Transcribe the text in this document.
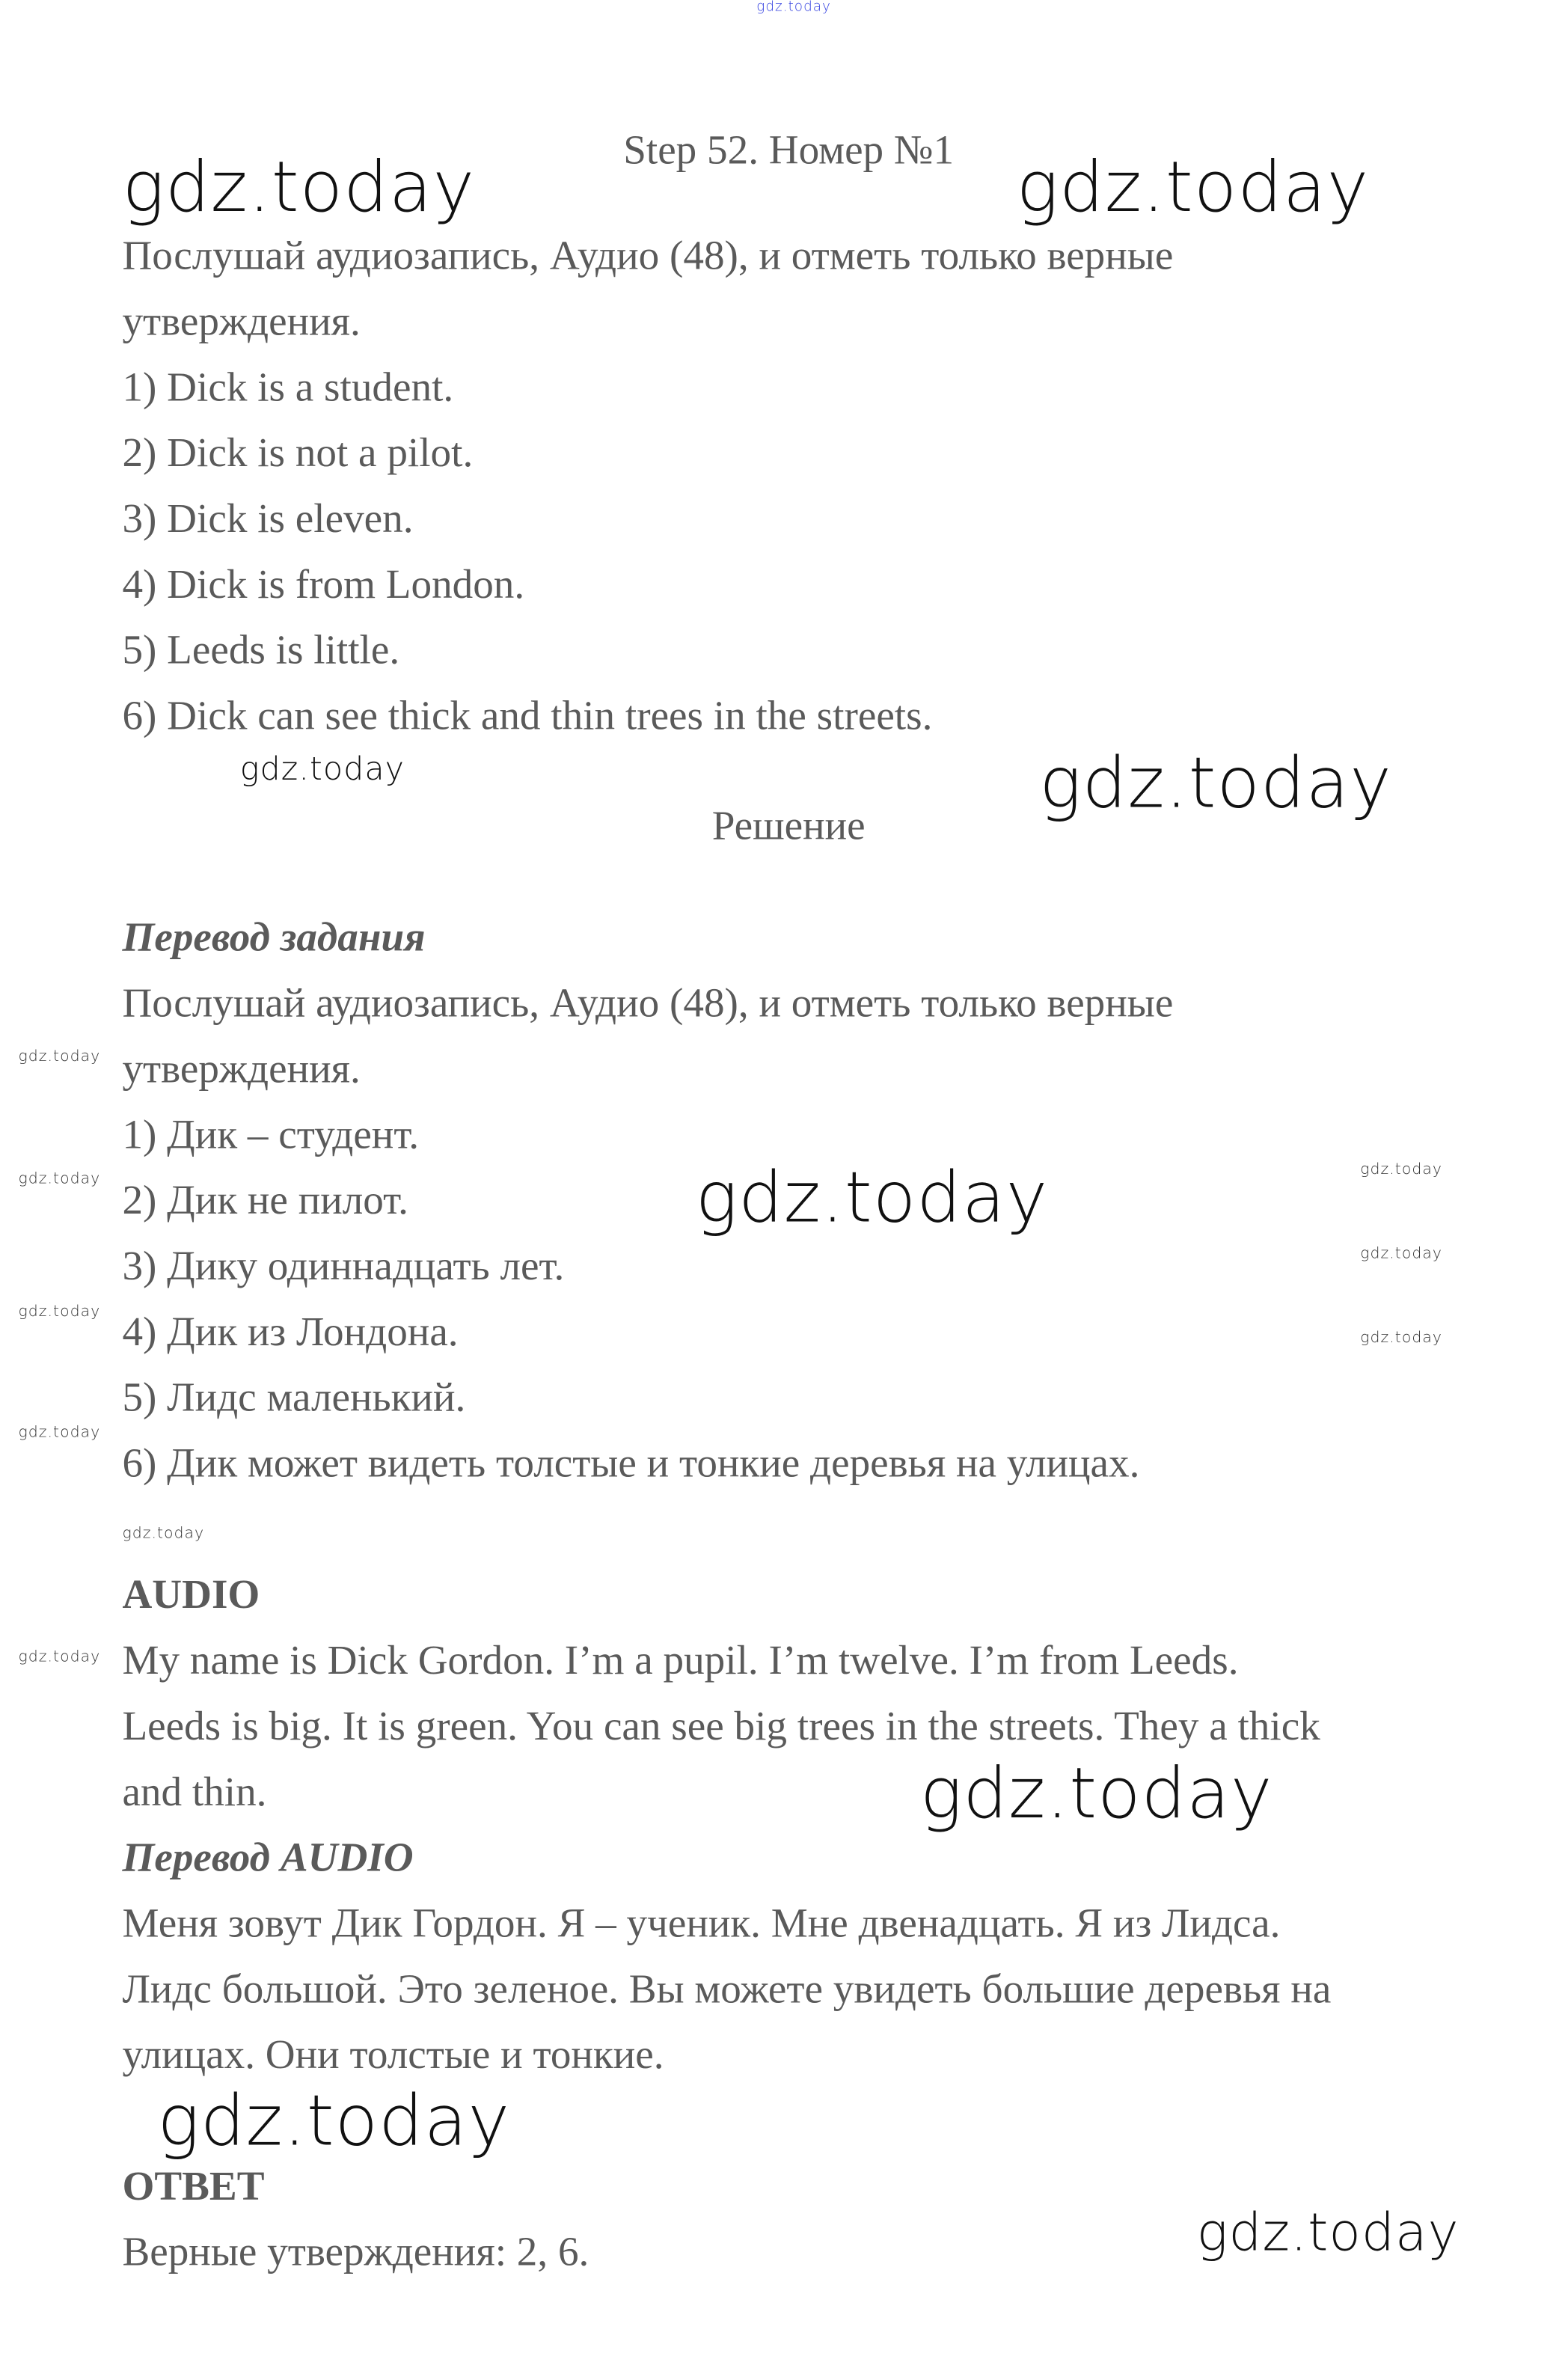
gdz.today
Step 52. Номер №1
gdz.today	gdz.today
Послушай аудиозапись, Аудио (48), и отметь только верные
утверждения.
1) Dick is a student.
2) Dick is not a pilot.
3) Dick is eleven.
4) Dick is from London.
5) Leeds is little.
6) Dick can see thick and thin trees in the streets.
gdz.today
gdz.today
Решение
Перевод задания
Послушай аудиозапись, Аудио (48), и отметь только верные
утверждения.
1) Дик – студент.
2) Дик не пилот.
3) Дику одиннадцать лет.
4) Дик из Лондона.
5) Лидс маленький.
6) Дик может видеть толстые и тонкие деревья на улицах.
gdz.today
gdz.today
gdz.today
gdz.today
gdz.today
gdz.today
gdz.today
gdz.today
gdz.today
AUDIO
My name is Dick Gordon. I’m a pupil. I’m twelve. I’m from Leeds.
Leeds is big. It is green. You can see big trees in the streets. They a thick
and thin.
gdz.today
gdz.today
Перевод AUDIO
Меня зовут Дик Гордон. Я – ученик. Мне двенадцать. Я из Лидса.
Лидс большой. Это зеленое. Вы можете увидеть большие деревья на
улицах. Они толстые и тонкие.
gdz.today
ОТВЕТ
Верные утверждения: 2, 6.	gdz.today
